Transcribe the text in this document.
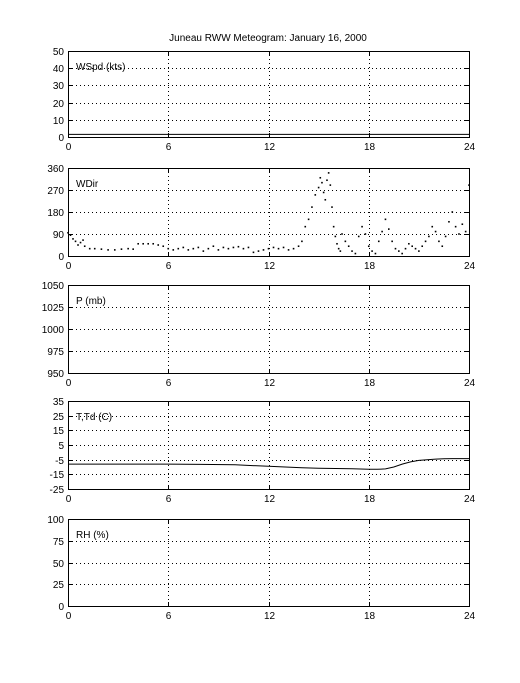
Juneau RWW Meteogram: January 16, 2000
0
10
20
30
40
50
0	6	12	18	24
WSpd (kts)
0
90
180
270
360
0	6	12	18	24
WDir
950
975
1000
1025
1050
0	6	12	18	24
P (mb)
-25
-15
-5
5
15
25
35
0	6	12	18	24
T,Td (C)
0
25
50
75
100
0	6	12	18	24
RH (%)
